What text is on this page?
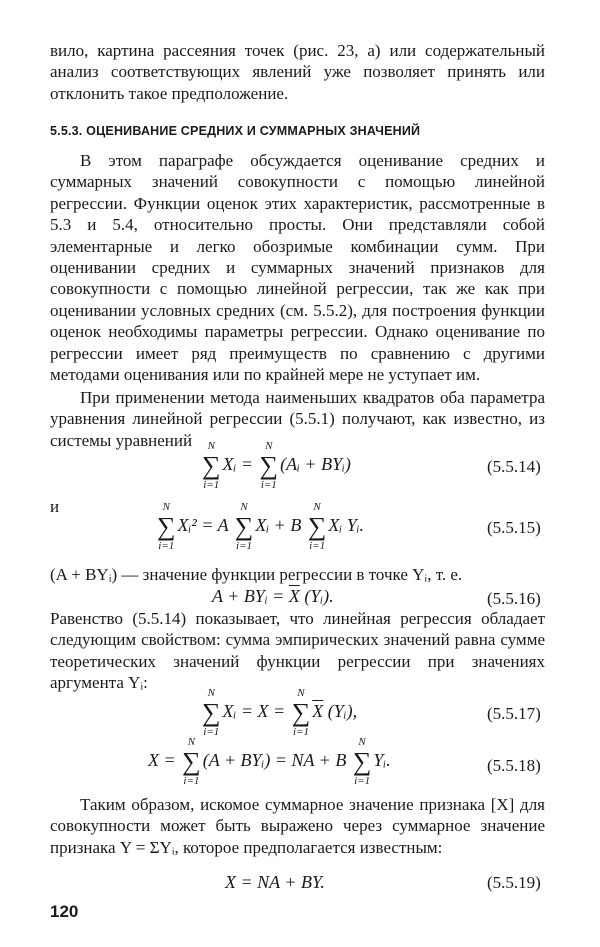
вило, картина рассеяния точек (рис. 23, а) или содержательный анализ соответствующих явлений уже позволяет принять или отклонить такое предположение.
5.5.3. ОЦЕНИВАНИЕ СРЕДНИХ И СУММАРНЫХ ЗНАЧЕНИЙ
В этом параграфе обсуждается оценивание средних и суммарных значений совокупности с помощью линейной регрессии. Функции оценок этих характеристик, рассмотренные в 5.3 и 5.4, относительно просты. Они представляли собой элементарные и легко обозримые комбинации сумм. При оценивании средних и суммарных значений признаков для совокупности с помощью линейной регрессии, так же как при оценивании условных средних (см. 5.5.2), для построения функции оценок необходимы параметры регрессии. Однако оценивание по регрессии имеет ряд преимуществ по сравнению с другими методами оценивания или по крайней мере не уступает им.
При применении метода наименьших квадратов оба параметра уравнения линейной регрессии (5.5.1) получают, как известно, из системы уравнений
∑
N
i=1
Xᵢ = ∑
N
i=1
(Aᵢ + BYᵢ)	(5.5.14)
и
∑
N
i=1
Xᵢ² = A ∑
N
i=1
Xᵢ + B ∑
N
i=1
Xᵢ Yᵢ.	(5.5.15)
(A + BYᵢ) — значение функции регрессии в точке Yᵢ, т. е.
A + BYᵢ = $\overline{X}$ (Yᵢ).	(5.5.16)
Равенство (5.5.14) показывает, что линейная регрессия обладает следующим свойством: сумма эмпирических значений равна сумме теоретических значений функции регрессии при значениях аргумента Yᵢ:
∑
N
i=1
Xᵢ = X = ∑
N
i=1
$\overline{X}$ (Yᵢ),	(5.5.17)
X = ∑
N
i=1
(A + BYᵢ) = NA + B ∑
N
i=1
Yᵢ.	(5.5.18)
Таким образом, искомое суммарное значение признака [X] для совокупности может быть выражено через суммарное значение признака Y = ΣYᵢ, которое предполагается известным:
X = NA + BY.	(5.5.19)
120
